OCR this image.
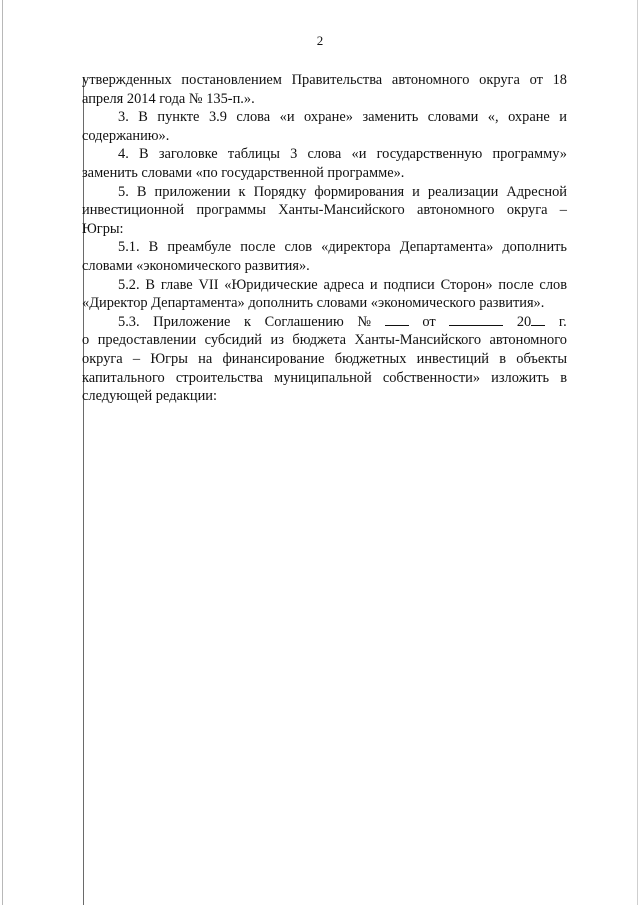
2

утвержденных постановлением Правительства автономного округа от 18 апреля 2014 года № 135-п.».

3. В пункте 3.9 слова «и охране» заменить словами «, охране и содержанию».

4. В заголовке таблицы 3 слова «и государственную программу» заменить словами «по государственной программе».

5. В приложении к Порядку формирования и реализации Адресной инвестиционной программы Ханты-Мансийского автономного округа – Югры:

5.1. В преамбуле после слов «директора Департамента» дополнить словами «экономического развития».

5.2. В главе VII «Юридические адреса и подписи Сторон» после слов «Директор Департамента» дополнить словами «экономического развития».

5.3. Приложение к Соглашению №	от	20 г.

о предоставлении субсидий из бюджета Ханты-Мансийского автономного округа – Югры на финансирование бюджетных инвестиций в объекты капитального строительства муниципальной собственности» изложить в следующей редакции:
